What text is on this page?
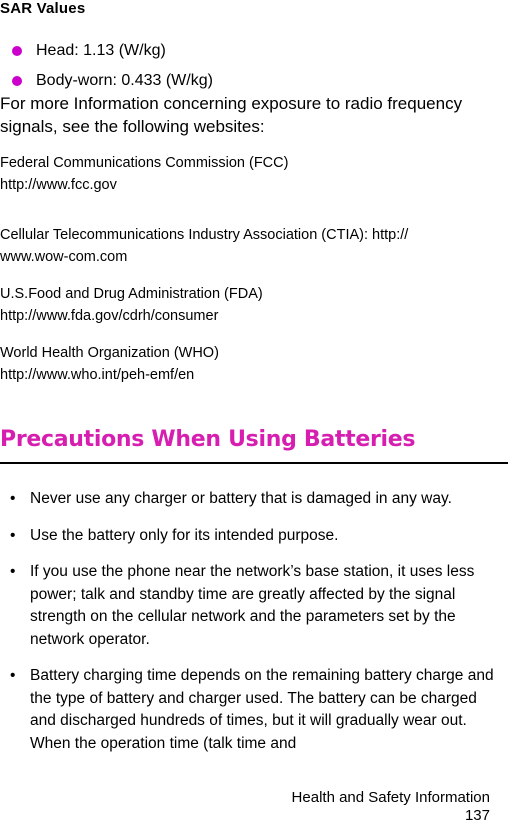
SAR Values
Head: 1.13 (W/kg)
Body-worn: 0.433 (W/kg)

For more Information concerning exposure to radio frequency signals, see the following websites:

Federal Communications Commission (FCC)
http://www.fcc.gov
Cellular Telecommunications Industry Association (CTIA): http://
www.wow-com.com
U.S.Food and Drug Administration (FDA)
http://www.fda.gov/cdrh/consumer
World Health Organization (WHO)
http://www.who.int/peh-emf/en
Precautions When Using Batteries
• Never use any charger or battery that is damaged in any way.
• Use the battery only for its intended purpose.
• If you use the phone near the network’s base station, it uses less power; talk and standby time are greatly affected by the signal strength on the cellular network and the parameters set by the network operator.
• Battery charging time depends on the remaining battery charge and the type of battery and charger used. The battery can be charged and discharged hundreds of times, but it will gradually wear out. When the operation time (talk time and
Health and Safety Information
137
